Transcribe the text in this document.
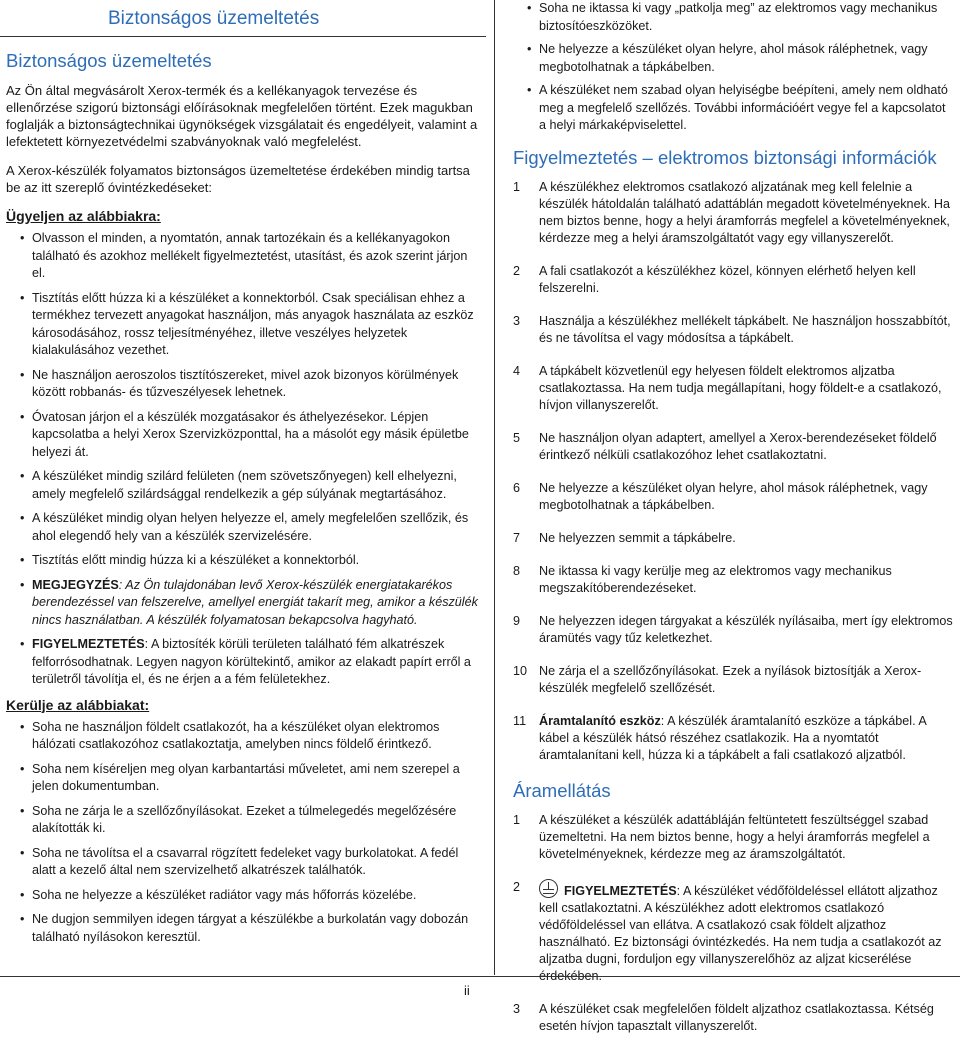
Biztonságos üzemeltetés
Biztonságos üzemeltetés

Az Ön által megvásárolt Xerox-termék és a kellékanyagok tervezése és ellenőrzése szigorú biztonsági előírásoknak megfelelően történt. Ezek magukban foglalják a biztonságtechnikai ügynökségek vizsgálatait és engedélyeit, valamint a lefektetett környezetvédelmi szabványoknak való megfelelést.

A Xerox-készülék folyamatos biztonságos üzemeltetése érdekében mindig tartsa be az itt szereplő óvintézkedéseket:

Ügyeljen az alábbiakra:
• Olvasson el minden, a nyomtatón, annak tartozékain és a kellékanyagokon található és azokhoz mellékelt figyelmeztetést, utasítást, és azok szerint járjon el.
• Tisztítás előtt húzza ki a készüléket a konnektorból. Csak speciálisan ehhez a termékhez tervezett anyagokat használjon, más anyagok használata az eszköz károsodásához, rossz teljesítményéhez, illetve veszélyes helyzetek kialakulásához vezethet.
• Ne használjon aeroszolos tisztítószereket, mivel azok bizonyos körülmények között robbanás- és tűzveszélyesek lehetnek.
• Óvatosan járjon el a készülék mozgatásakor és áthelyezésekor. Lépjen kapcsolatba a helyi Xerox Szervizközponttal, ha a másolót egy másik épületbe helyezi át.
• A készüléket mindig szilárd felületen (nem szövetszőnyegen) kell elhelyezni, amely megfelelő szilárdsággal rendelkezik a gép súlyának megtartásához.
• A készüléket mindig olyan helyen helyezze el, amely megfelelően szellőzik, és ahol elegendő hely van a készülék szervizelésére.
• Tisztítás előtt mindig húzza ki a készüléket a konnektorból.
• MEGJEGYZÉS: Az Ön tulajdonában levő Xerox-készülék energiatakarékos berendezéssel van felszerelve, amellyel energiát takarít meg, amikor a készülék nincs használatban. A készülék folyamatosan bekapcsolva hagyható.
• FIGYELMEZTETÉS: A biztosíték körüli területen található fém alkatrészek felforrósodhatnak. Legyen nagyon körültekintő, amikor az elakadt papírt erről a területről távolítja el, és ne érjen a a fém felületekhez.
Kerülje az alábbiakat:
• Soha ne használjon földelt csatlakozót, ha a készüléket olyan elektromos hálózati csatlakozóhoz csatlakoztatja, amelyben nincs földelő érintkező.
• Soha nem kíséreljen meg olyan karbantartási műveletet, ami nem szerepel a jelen dokumentumban.
• Soha ne zárja le a szellőzőnyílásokat. Ezeket a túlmelegedés megelőzésére alakították ki.
• Soha ne távolítsa el a csavarral rögzített fedeleket vagy burkolatokat. A fedél alatt a kezelő által nem szervizelhető alkatrészek találhatók.
• Soha ne helyezze a készüléket radiátor vagy más hőforrás közelébe.
• Ne dugjon semmilyen idegen tárgyat a készülékbe a burkolatán vagy dobozán található nyílásokon keresztül.
• Soha ne iktassa ki vagy „patkolja meg” az elektromos vagy mechanikus biztosítóeszközöket.
• Ne helyezze a készüléket olyan helyre, ahol mások ráléphetnek, vagy megbotolhatnak a tápkábelben.
• A készüléket nem szabad olyan helyiségbe beépíteni, amely nem oldható meg a megfelelő szellőzés. További információért vegye fel a kapcsolatot a helyi márkaképviselettel.
Figyelmeztetés – elektromos biztonsági információk
1 A készülékhez elektromos csatlakozó aljzatának meg kell felelnie a készülék hátoldalán található adattáblán megadott követelményeknek. Ha nem biztos benne, hogy a helyi áramforrás megfelel a követelményeknek, kérdezze meg a helyi áramszolgáltatót vagy egy villanyszerelőt.
2 A fali csatlakozót a készülékhez közel, könnyen elérhető helyen kell felszerelni.
3 Használja a készülékhez mellékelt tápkábelt. Ne használjon hosszabbítót, és ne távolítsa el vagy módosítsa a tápkábelt.
4 A tápkábelt közvetlenül egy helyesen földelt elektromos aljzatba csatlakoztassa. Ha nem tudja megállapítani, hogy földelt-e a csatlakozó, hívjon villanyszerelőt.
5 Ne használjon olyan adaptert, amellyel a Xerox-berendezéseket földelő érintkező nélküli csatlakozóhoz lehet csatlakoztatni.
6 Ne helyezze a készüléket olyan helyre, ahol mások ráléphetnek, vagy megbotolhatnak a tápkábelben.
7 Ne helyezzen semmit a tápkábelre.
8 Ne iktassa ki vagy kerülje meg az elektromos vagy mechanikus megszakítóberendezéseket.
9 Ne helyezzen idegen tárgyakat a készülék nyílásaiba, mert így elektromos áramütés vagy tűz keletkezhet.
10 Ne zárja el a szellőzőnyílásokat. Ezek a nyílások biztosítják a Xerox-készülék megfelelő szellőzését.
11 Áramtalanító eszköz: A készülék áramtalanító eszköze a tápkábel. A kábel a készülék hátsó részéhez csatlakozik. Ha a nyomtatót áramtalanítani kell, húzza ki a tápkábelt a fali csatlakozó aljzatból.
Áramellátás
1 A készüléket a készülék adattábláján feltüntetett feszültséggel szabad üzemeltetni. Ha nem biztos benne, hogy a helyi áramforrás megfelel a követelményeknek, kérdezze meg az áramszolgáltatót.
2	FIGYELMEZTETÉS: A készüléket védőföldeléssel ellátott aljzathoz kell csatlakoztatni. A készülékhez adott elektromos csatlakozó védőföldeléssel van ellátva. A csatlakozó csak földelt aljzathoz használható. Ez biztonsági óvintézkedés. Ha nem tudja a csatlakozót az aljzatba dugni, forduljon egy villanyszerelőhöz az aljzat kicserélése érdekében.
3 A készüléket csak megfelelően földelt aljzathoz csatlakoztassa. Kétség esetén hívjon tapasztalt villanyszerelőt.
ii
